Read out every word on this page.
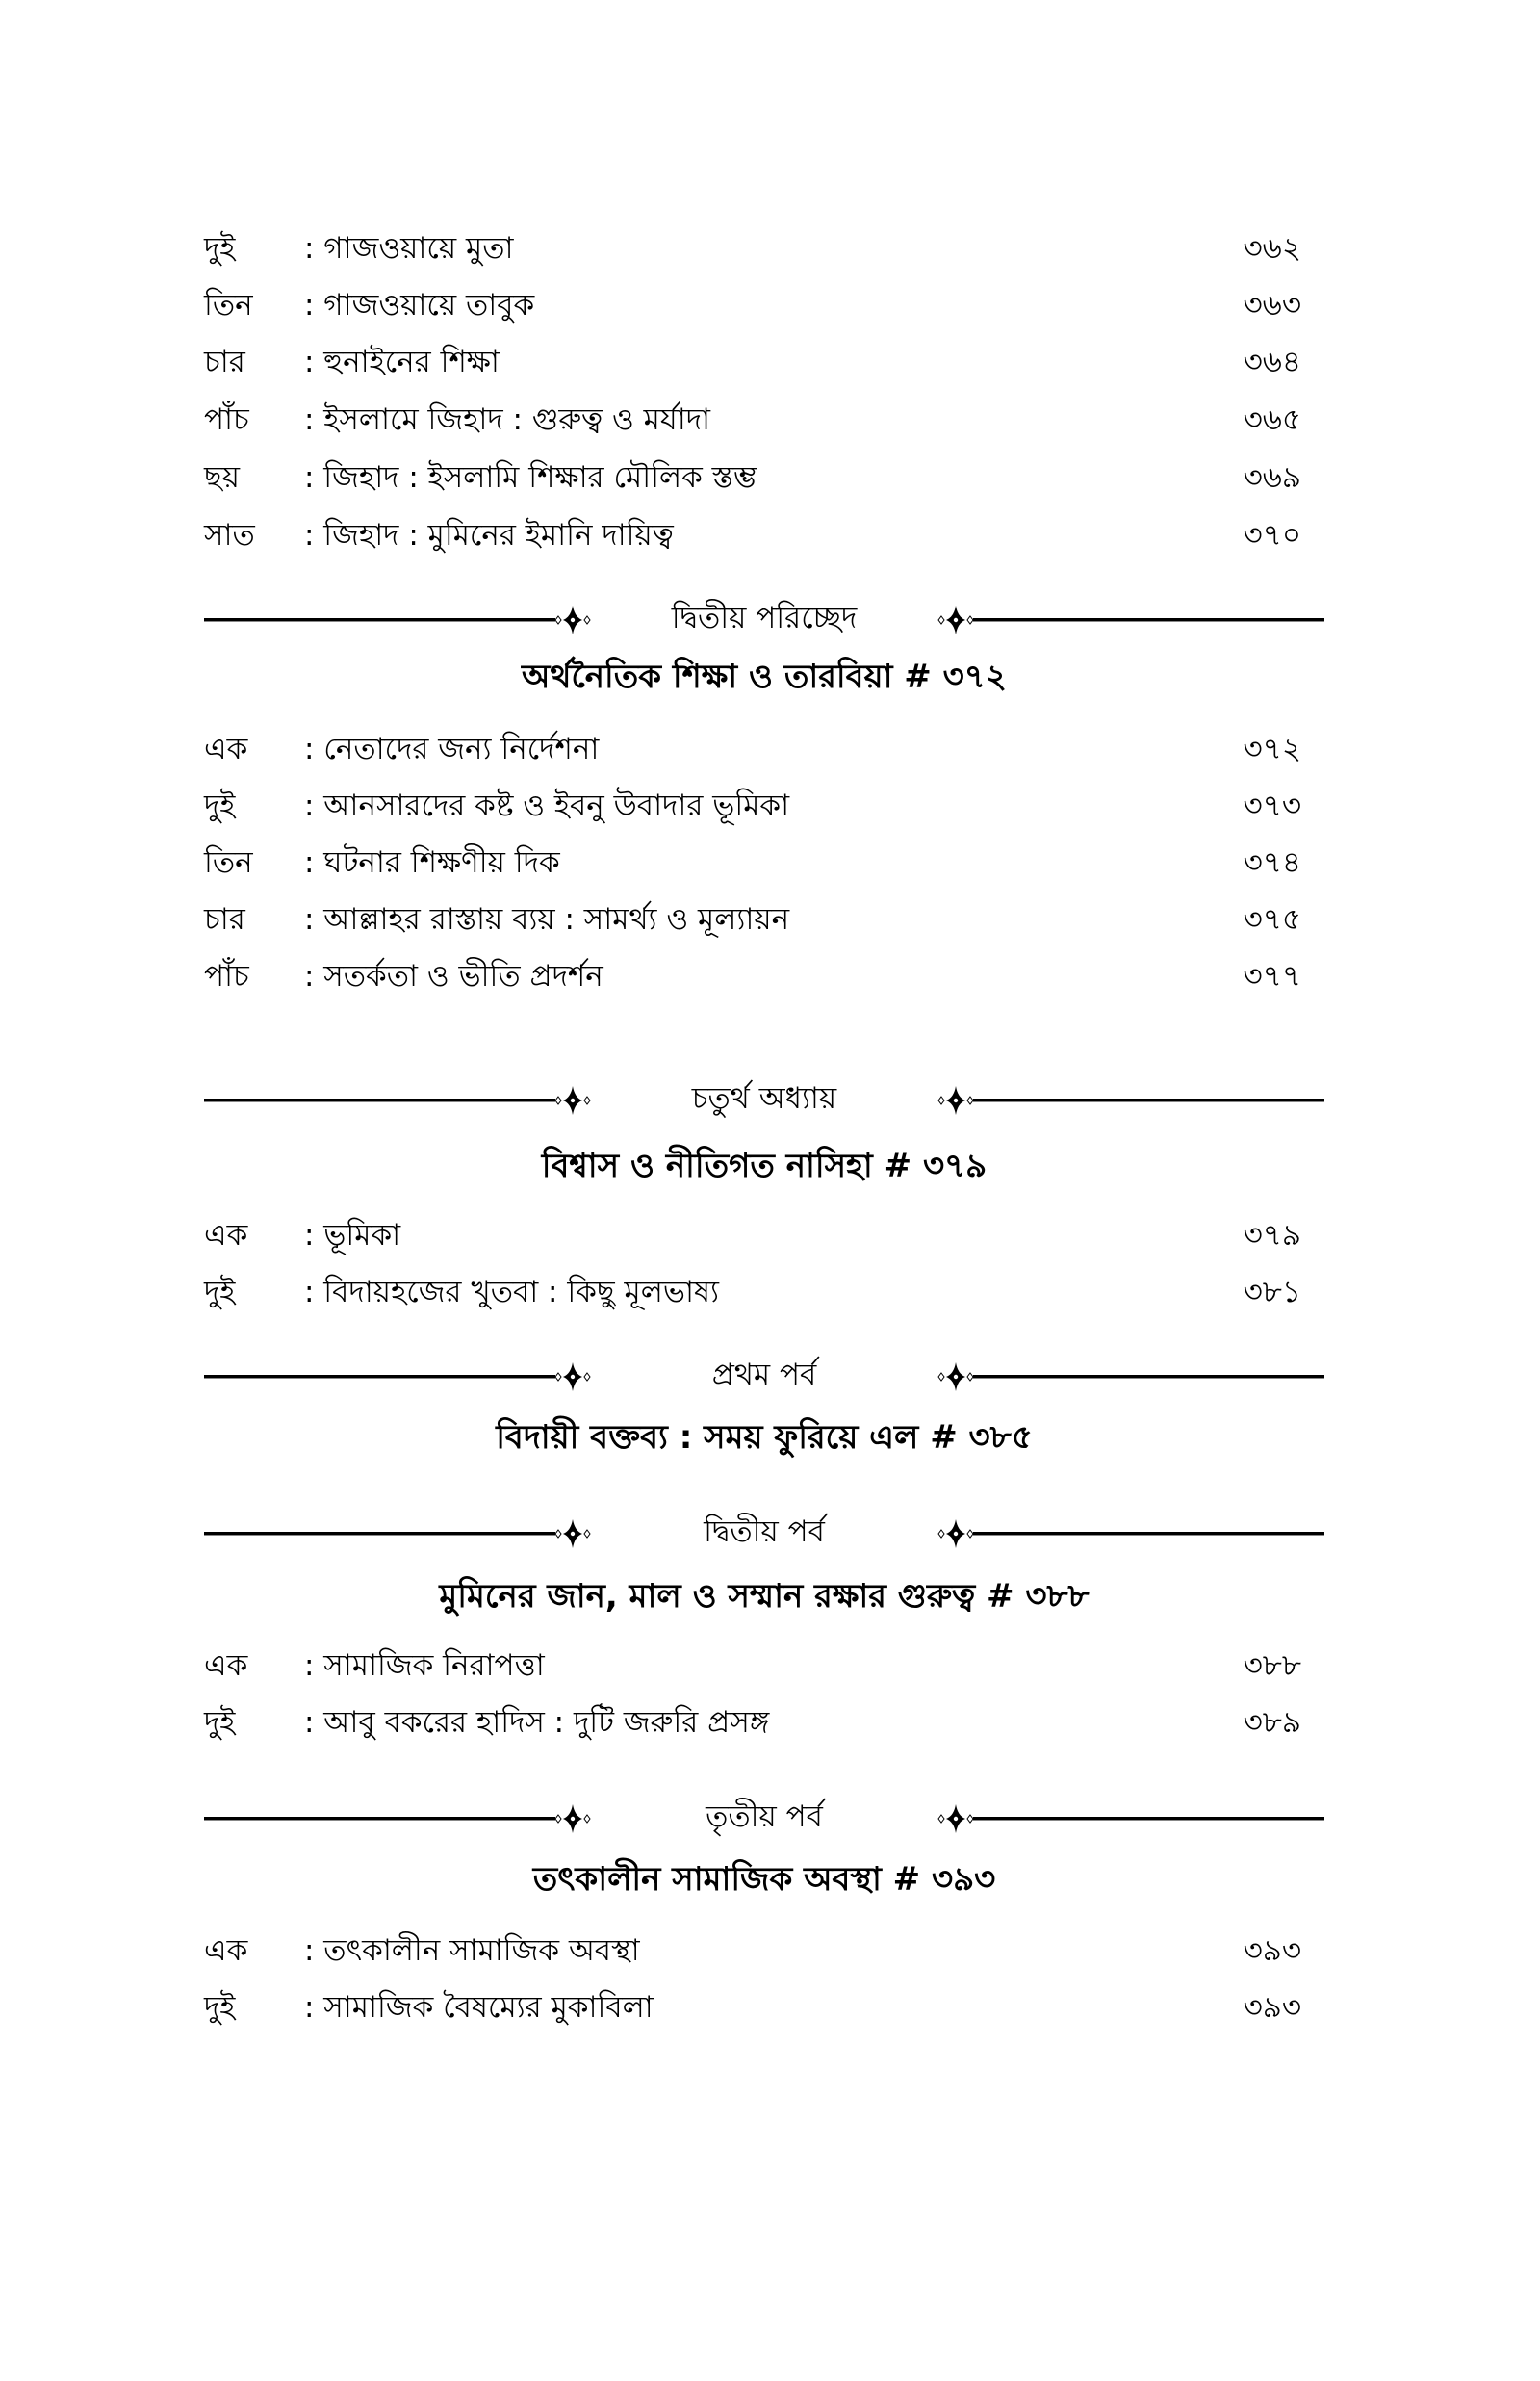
দুই : গাজওয়ায়ে মুতা	৩৬২
তিন : গাজওয়ায়ে তাবুক	৩৬৩
চার : হুনাইনের শিক্ষা	৩৬৪
পাঁচ : ইসলামে জিহাদ : গুরুত্ব ও মর্যাদা	৩৬৫
ছয় : জিহাদ : ইসলামি শিক্ষার মৌলিক স্তম্ভ	৩৬৯
সাত : জিহাদ : মুমিনের ইমানি দায়িত্ব	৩৭০
দ্বিতীয় পরিচ্ছেদ
অর্থনৈতিক শিক্ষা ও তারবিয়া # ৩৭২
এক : নেতাদের জন্য নির্দেশনা	৩৭২
দুই : আনসারদের কষ্ট ও ইবনু উবাদার ভূমিকা	৩৭৩
তিন : ঘটনার শিক্ষণীয় দিক	৩৭৪
চার : আল্লাহর রাস্তায় ব্যয় : সামর্থ্য ও মূল্যায়ন	৩৭৫
পাঁচ : সতর্কতা ও ভীতি প্রদর্শন	৩৭৭
চতুর্থ অধ্যায়
বিশ্বাস ও নীতিগত নাসিহা # ৩৭৯
এক : ভূমিকা	৩৭৯
দুই : বিদায়হজের খুতবা : কিছু মূলভাষ্য	৩৮১
প্রথম পর্ব
বিদায়ী বক্তব্য : সময় ফুরিয়ে এল # ৩৮৫
দ্বিতীয় পর্ব
মুমিনের জান, মাল ও সম্মান রক্ষার গুরুত্ব # ৩৮৮
এক : সামাজিক নিরাপত্তা	৩৮৮
দুই : আবু বকরের হাদিস : দুটি জরুরি প্রসঙ্গ	৩৮৯
তৃতীয় পর্ব
তৎকালীন সামাজিক অবস্থা # ৩৯৩
এক : তৎকালীন সামাজিক অবস্থা	৩৯৩
দুই : সামাজিক বৈষম্যের মুকাবিলা	৩৯৩
